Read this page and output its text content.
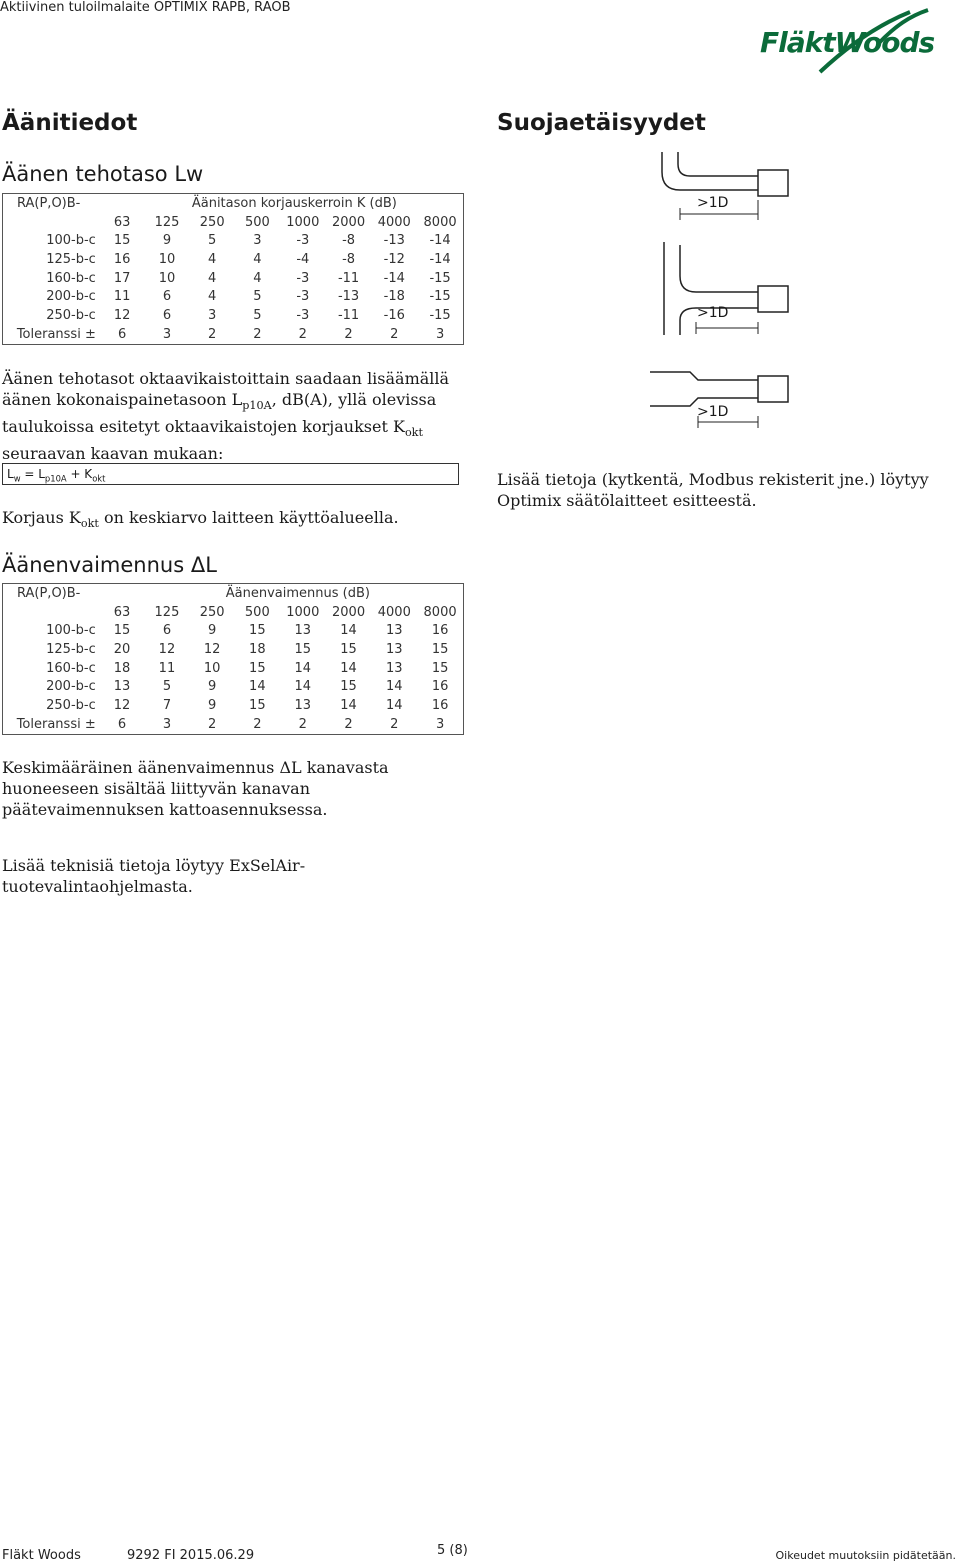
Aktiivinen tuloilmalaite OPTIMIX RAPB, RAOB
FläktWoods
Äänitiedot
Äänen tehotaso Lw
RA(P,O)B-	Äänitason korjauskerroin K (dB)							
	63	125	250	500	1000	2000	4000	8000
100-b-c	15	9	5	3	-3	-8	-13	-14
125-b-c	16	10	4	4	-4	-8	-12	-14
160-b-c	17	10	4	4	-3	-11	-14	-15
200-b-c	11	6	4	5	-3	-13	-18	-15
250-b-c	12	6	3	5	-3	-11	-16	-15
Toleranssi ±	6	3	2	2	2	2	2	3
Äänen tehotasot oktaavikaistoittain saadaan lisäämällä
äänen kokonaispainetasoon $L_{p10A}$, dB(A), yllä olevissa
taulukoissa esitetyt oktaavikaistojen korjaukset $K_{okt}$
seuraavan kaavan mukaan:
$L_w = L_{p10A} + K_{okt}$
Korjaus $K_{okt}$ on keskiarvo laitteen käyttöalueella.
Äänenvaimennus ΔL
RA(P,O)B-	Äänenvaimennus (dB)							
	63	125	250	500	1000	2000	4000	8000
100-b-c	15	6	9	15	13	14	13	16
125-b-c	20	12	12	18	15	15	13	15
160-b-c	18	11	10	15	14	14	13	15
200-b-c	13	5	9	14	14	15	14	16
250-b-c	12	7	9	15	13	14	14	16
Toleranssi ±	6	3	2	2	2	2	2	3
Keskimääräinen äänenvaimennus ΔL kanavasta
huoneeseen sisältää liittyvän kanavan
päätevaimennuksen kattoasennuksessa.
Lisää teknisiä tietoja löytyy ExSelAir-
tuotevalintaohjelmasta.
Suojaetäisyydet
>1D
>1D
>1D
Lisää tietoja (kytkentä, Modbus rekisterit jne.) löytyy
Optimix säätölaitteet esitteestä.
Fläkt Woods	9292 FI 2015.06.29	5 (8)	Oikeudet muutoksiin pidätetään.
